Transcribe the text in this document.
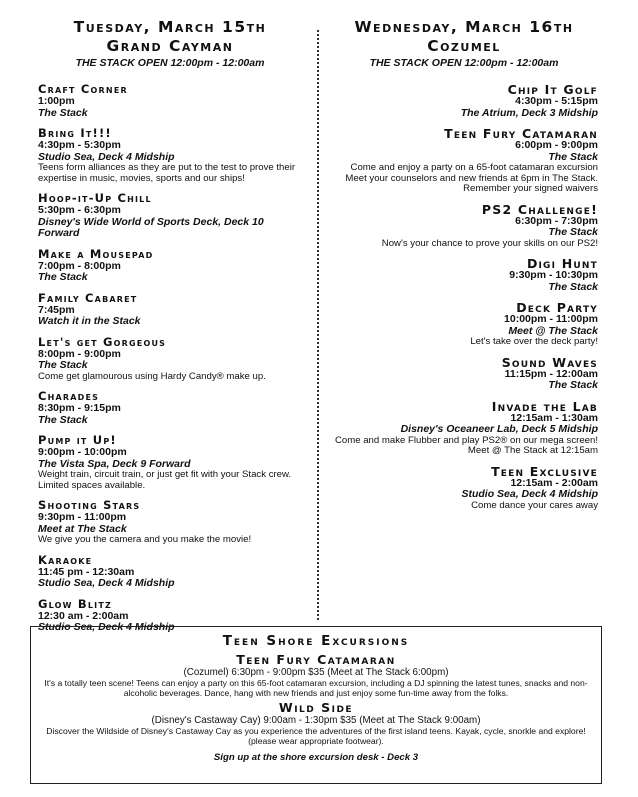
Tuesday, March 15th
Grand Cayman
THE STACK OPEN 12:00pm - 12:00am
Craft Corner
1:00pm
The Stack
Bring It!!!
4:30pm - 5:30pm
Studio Sea, Deck 4 Midship
Teens form alliances as they are put to the test to prove their expertise in music, movies, sports and our ships!
Hoop-it-Up Chill
5:30pm - 6:30pm
Disney's Wide World of Sports Deck, Deck 10 Forward
Make a Mousepad
7:00pm - 8:00pm
The Stack
Family Cabaret
7:45pm
Watch it in the Stack
Let's get Gorgeous
8:00pm - 9:00pm
The Stack
Come get glamourous using Hardy Candy® make up.
Charades
8:30pm - 9:15pm
The Stack
Pump it Up!
9:00pm - 10:00pm
The Vista Spa, Deck 9 Forward
Weight train, circuit train, or just get fit with your Stack crew. Limited spaces available.
Shooting Stars
9:30pm - 11:00pm
Meet at The Stack
We give you the camera and you make the movie!
Karaoke
11:45 pm - 12:30am
Studio Sea, Deck 4 Midship
Glow Blitz
12:30 am - 2:00am
Studio Sea, Deck 4 Midship
Wednesday, March 16th
Cozumel
THE STACK OPEN 12:00pm - 12:00am
Chip It Golf
4:30pm - 5:15pm
The Atrium, Deck 3 Midship
Teen Fury Catamaran
6:00pm - 9:00pm
The Stack
Come and enjoy a party on a 65-foot catamaran excursion Meet your counselors and new friends at 6pm in The Stack. Remember your signed waivers
PS2 Challenge!
6:30pm - 7:30pm
The Stack
Now's your chance to prove your skills on our PS2!
Digi Hunt
9:30pm - 10:30pm
The Stack
Deck Party
10:00pm - 11:00pm
Meet @ The Stack
Let's take over the deck party!
Sound Waves
11:15pm - 12:00am
The Stack
Invade the Lab
12:15am - 1:30am
Disney's Oceaneer Lab, Deck 5 Midship
Come and make Flubber and play PS2® on our mega screen! Meet @ The Stack at 12:15am
Teen Exclusive
12:15am - 2:00am
Studio Sea, Deck 4 Midship
Come dance your cares away
Teen Shore Excursions
Teen Fury Catamaran
(Cozumel) 6:30pm - 9:00pm $35 (Meet at The Stack 6:00pm)
It's a totally teen scene! Teens can enjoy a party on this 65-foot catamaran excursion, including a DJ spinning the latest tunes, snacks and non-alcoholic beverages. Dance, hang with new friends and just enjoy some fun-time away from the folks.
Wild Side
(Disney's Castaway Cay) 9:00am - 1:30pm $35 (Meet at The Stack 9:00am)
Discover the Wildside of Disney's Castaway Cay as you experience the adventures of the first island teens. Kayak, cycle, snorkle and explore! (please wear appropriate footwear).
Sign up at the shore excursion desk - Deck 3
